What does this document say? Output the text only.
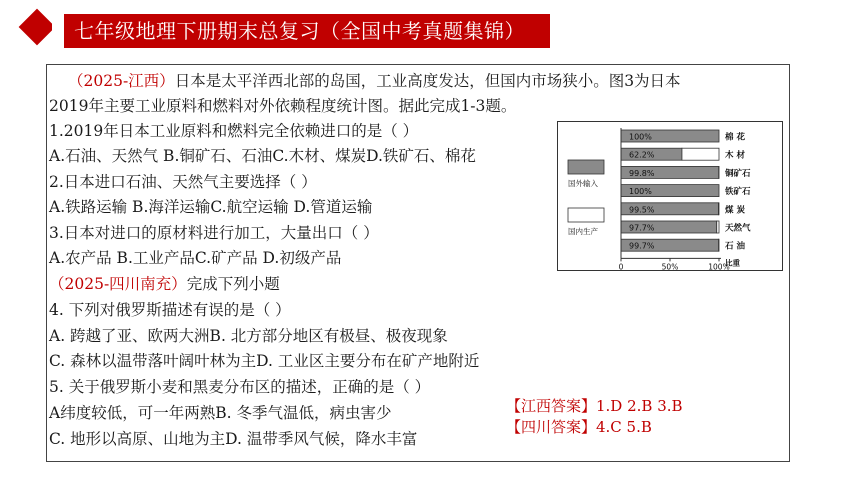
七年级地理下册期末总复习（全国中考真题集锦）
（2025-江西）日本是太平洋西北部的岛国，工业高度发达，但国内市场狭小。图3为日本
2019年主要工业原料和燃料对外依赖程度统计图。据此完成1-3题。
1.2019年日本工业原料和燃料完全依赖进口的是（ ）
A.石油、天然气 B.铜矿石、石油C.木材、煤炭D.铁矿石、棉花
2.日本进口石油、天然气主要选择（ ）
A.铁路运输 B.海洋运输C.航空运输 D.管道运输
3.日本对进口的原材料进行加工，大量出口（ ）
A.农产品 B.工业产品C.矿产品 D.初级产品
（2025-四川南充）完成下列小题
4. 下列对俄罗斯描述有误的是（ ）
A. 跨越了亚、欧两大洲B. 北方部分地区有极昼、极夜现象
C. 森林以温带落叶阔叶林为主D. 工业区主要分布在矿产地附近
5. 关于俄罗斯小麦和黑麦分布区的描述，正确的是（ ）
A纬度较低，可一年两熟B. 冬季气温低，病虫害少
C. 地形以高原、山地为主D. 温带季风气候，降水丰富
【江西答案】1.D 2.B 3.B
【四川答案】4.C 5.B
100%	棉 花
62.2%	木 材
99.8%	铜矿石
100%	铁矿石
99.5%	煤 炭
97.7%	天然气
99.7%	石 油
0	50%	100%
比重
国外输入
国内生产
